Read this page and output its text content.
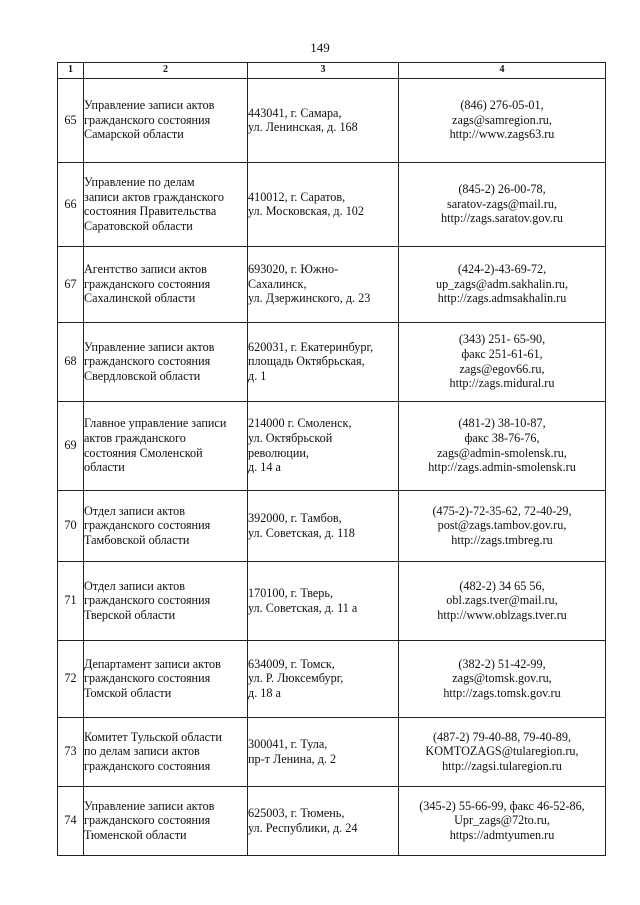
149
1	2	3	4
65	Управление записи актов
гражданского состояния
Самарской области	443041, г. Самара,
ул. Ленинская, д. 168	(846) 276-05-01,
zags@samregion.ru,
http://www.zags63.ru

66	Управление по делам
записи актов гражданского
состояния Правительства
Саратовской области	410012, г. Саратов,
ул. Московская, д. 102	(845-2) 26-00-78,
saratov-zags@mail.ru,
http://zags.saratov.gov.ru

67	Агентство записи актов
гражданского состояния
Сахалинской области	693020, г. Южно-
Сахалинск,
ул. Дзержинского, д. 23	(424-2)-43-69-72,
up_zags@adm.sakhalin.ru,
http://zags.admsakhalin.ru

68	Управление записи актов
гражданского состояния
Свердловской области	620031, г. Екатеринбург,
площадь Октябрьская,
д. 1	(343) 251- 65-90,
факс 251-61-61,
zags@egov66.ru,
http://zags.midural.ru

69	Главное управление записи
актов гражданского
состояния Смоленской
области	214000 г. Смоленск,
ул. Октябрьской
революции,
д. 14 а	(481-2) 38-10-87,
факс 38-76-76,
zags@admin-smolensk.ru,
http://zags.admin-smolensk.ru

70	Отдел записи актов
гражданского состояния
Тамбовской области	392000, г. Тамбов,
ул. Советская, д. 118	(475-2)-72-35-62, 72-40-29,
post@zags.tambov.gov.ru,
http://zags.tmbreg.ru

71	Отдел записи актов
гражданского состояния
Тверской области	170100, г. Тверь,
ул. Советская, д. 11 а	(482-2) 34 65 56,
obl.zags.tver@mail.ru,
http://www.oblzags.tver.ru

72	Департамент записи актов
гражданского состояния
Томской области	634009, г. Томск,
ул. Р. Люксембург,
д. 18 а	(382-2) 51-42-99,
zags@tomsk.gov.ru,
http://zags.tomsk.gov.ru

73	Комитет Тульской области
по делам записи актов
гражданского состояния	300041, г. Тула,
пр-т Ленина, д. 2	(487-2) 79-40-88, 79-40-89,
KOMTOZAGS@tularegion.ru,
http://zagsi.tularegion.ru

74	Управление записи актов
гражданского состояния
Тюменской области	625003, г. Тюмень,
ул. Республики, д. 24	(345-2) 55-66-99, факс 46-52-86,
Upr_zags@72to.ru,
https://admtyumen.ru
